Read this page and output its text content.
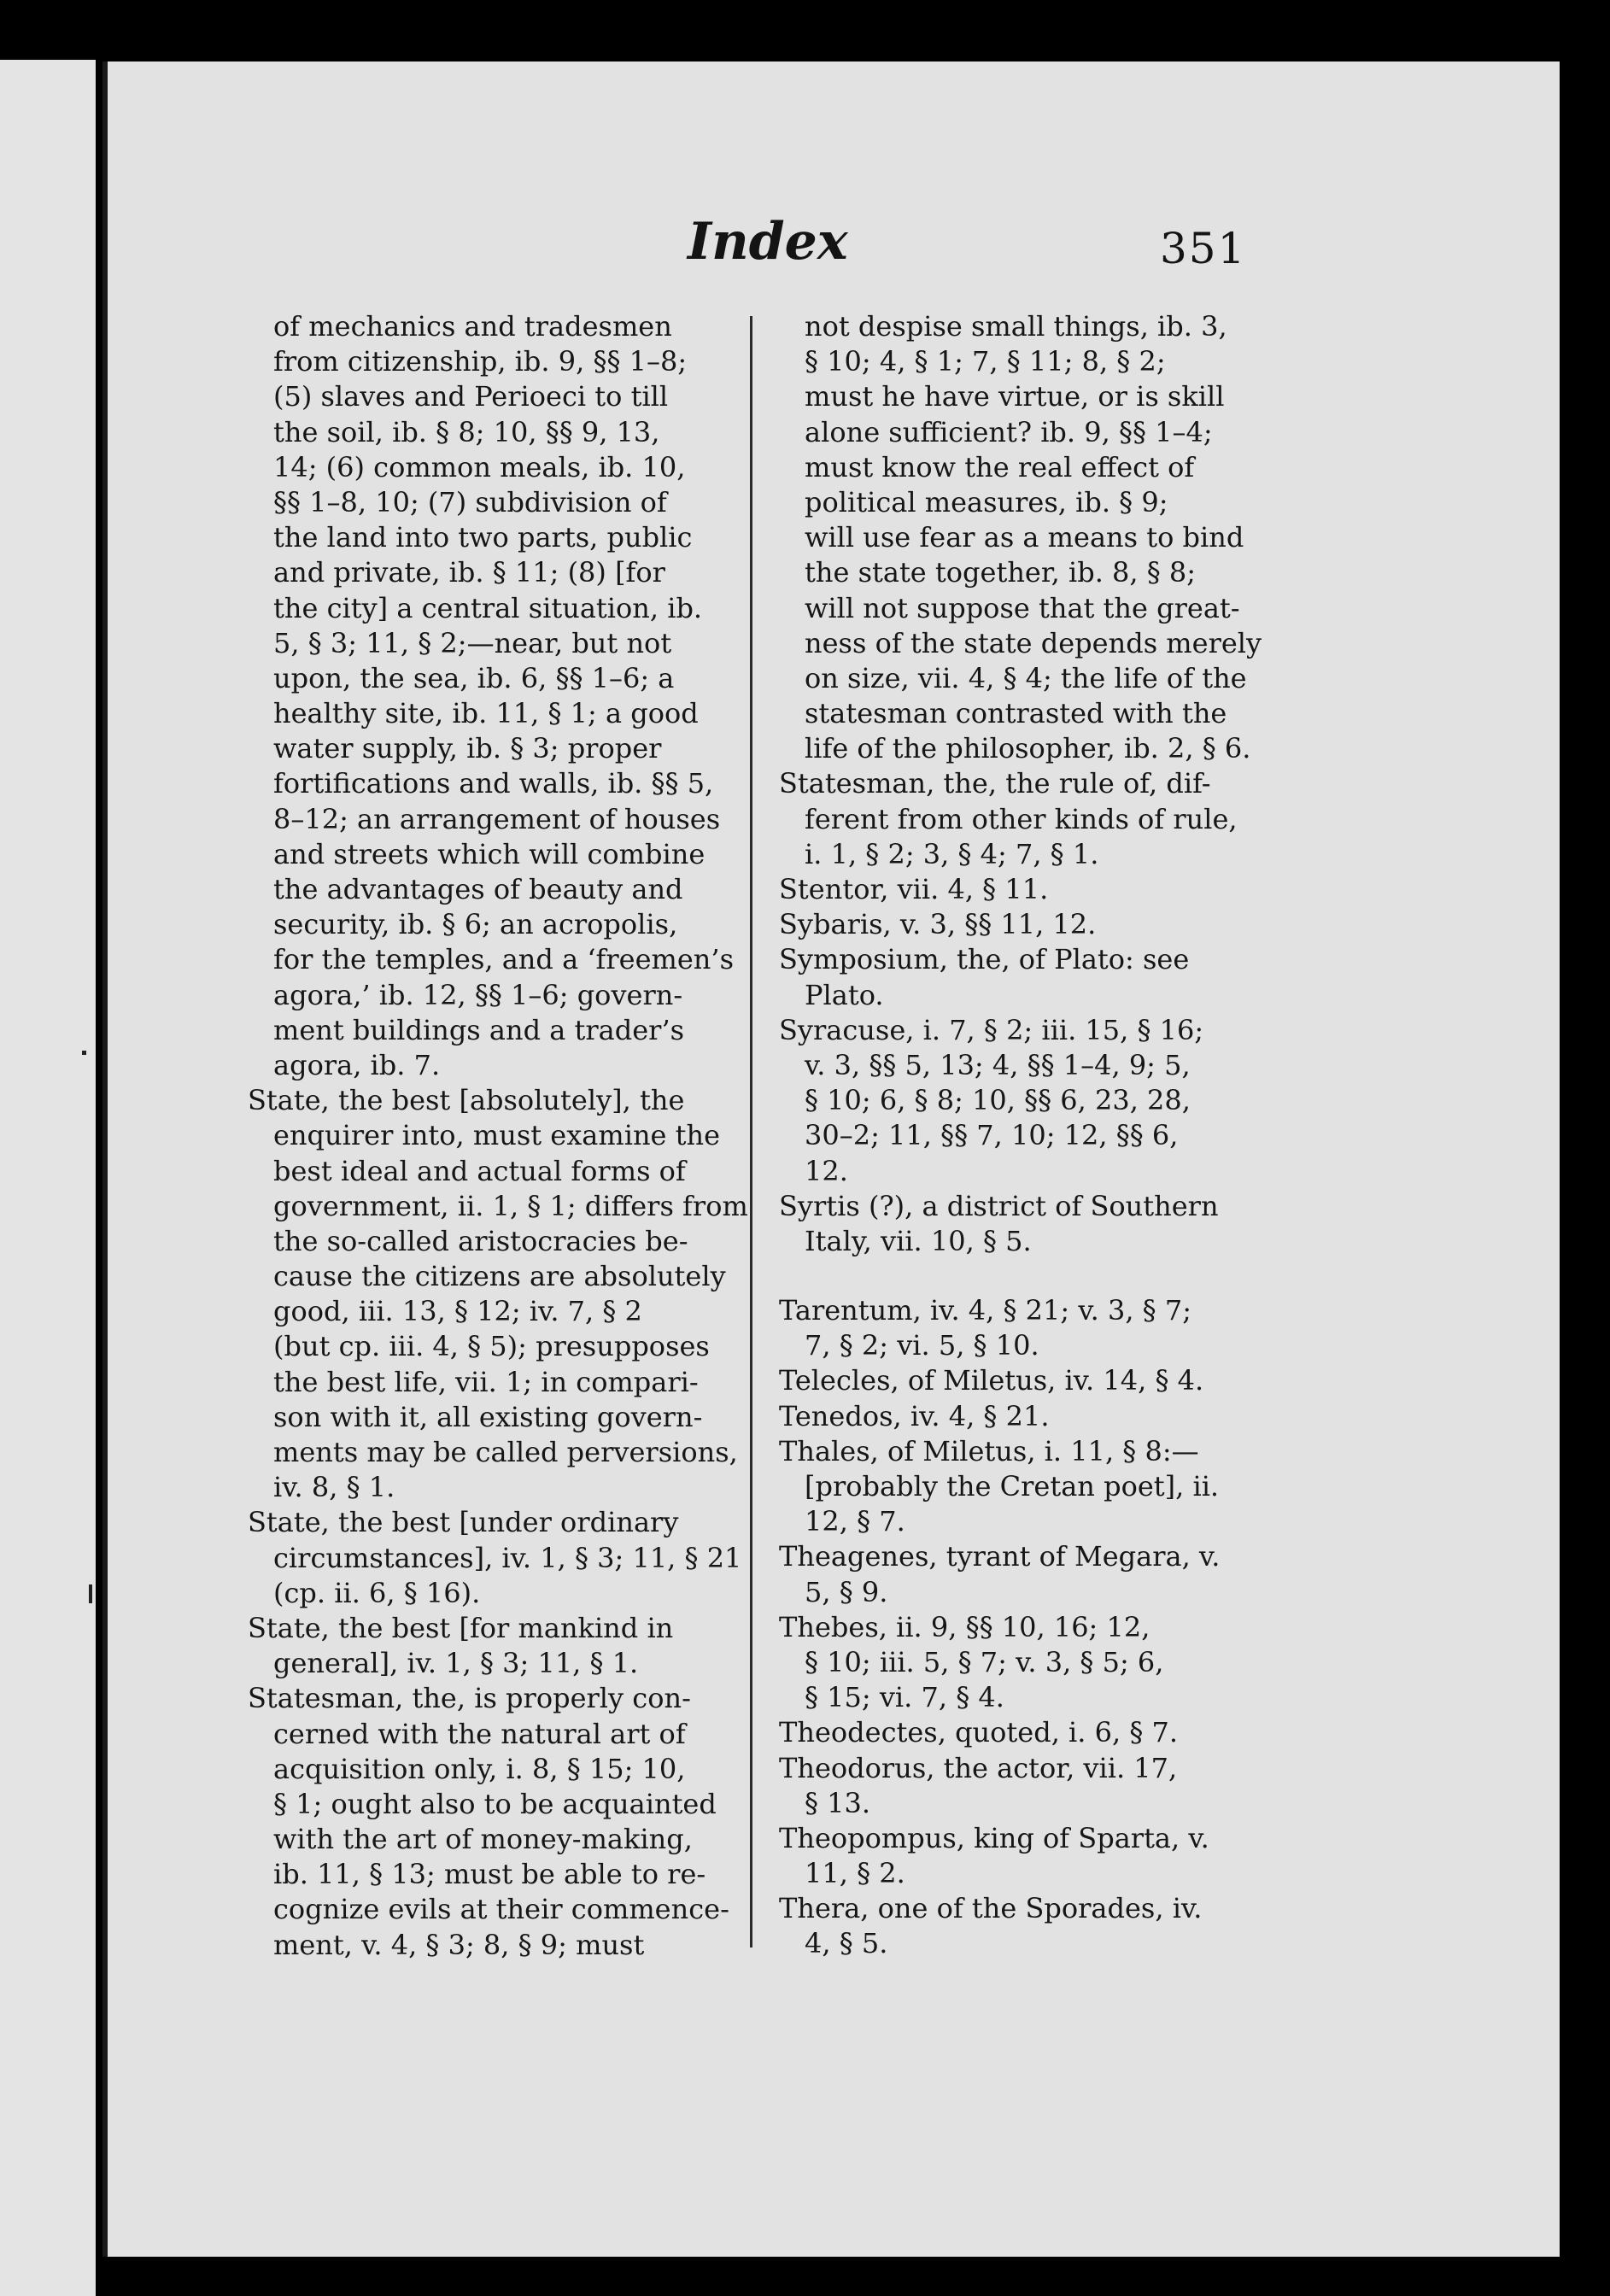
Index	351

of mechanics and tradesmen
from citizenship, ib. 9, §§ 1–8;
(5) slaves and Perioeci to till
the soil, ib. § 8; 10, §§ 9, 13,
14; (6) common meals, ib. 10,
§§ 1–8, 10; (7) subdivision of
the land into two parts, public
and private, ib. § 11; (8) [for
the city] a central situation, ib.
5, § 3; 11, § 2;—near, but not
upon, the sea, ib. 6, §§ 1–6; a
healthy site, ib. 11, § 1; a good
water supply, ib. § 3; proper
fortifications and walls, ib. §§ 5,
8–12; an arrangement of houses
and streets which will combine
the advantages of beauty and
security, ib. § 6; an acropolis,
for the temples, and a ‘freemen’s
agora,’ ib. 12, §§ 1–6; govern-
ment buildings and a trader’s
agora, ib. 7.
State, the best [absolutely], the
enquirer into, must examine the
best ideal and actual forms of
government, ii. 1, § 1; differs from
the so-called aristocracies be-
cause the citizens are absolutely
good, iii. 13, § 12; iv. 7, § 2
(but cp. iii. 4, § 5); presupposes
the best life, vii. 1; in compari-
son with it, all existing govern-
ments may be called perversions,
iv. 8, § 1.
State, the best [under ordinary
circumstances], iv. 1, § 3; 11, § 21
(cp. ii. 6, § 16).
State, the best [for mankind in
general], iv. 1, § 3; 11, § 1.
Statesman, the, is properly con-
cerned with the natural art of
acquisition only, i. 8, § 15; 10,
§ 1; ought also to be acquainted
with the art of money-making,
ib. 11, § 13; must be able to re-
cognize evils at their commence-
ment, v. 4, § 3; 8, § 9; must
not despise small things, ib. 3,
§ 10; 4, § 1; 7, § 11; 8, § 2;
must he have virtue, or is skill
alone sufficient? ib. 9, §§ 1–4;
must know the real effect of
political measures, ib. § 9;
will use fear as a means to bind
the state together, ib. 8, § 8;
will not suppose that the great-
ness of the state depends merely
on size, vii. 4, § 4; the life of the
statesman contrasted with the
life of the philosopher, ib. 2, § 6.
Statesman, the, the rule of, dif-
ferent from other kinds of rule,
i. 1, § 2; 3, § 4; 7, § 1.
Stentor, vii. 4, § 11.
Sybaris, v. 3, §§ 11, 12.
Symposium, the, of Plato: see
Plato.
Syracuse, i. 7, § 2; iii. 15, § 16;
v. 3, §§ 5, 13; 4, §§ 1–4, 9; 5,
§ 10; 6, § 8; 10, §§ 6, 23, 28,
30–2; 11, §§ 7, 10; 12, §§ 6,
12.
Syrtis (?), a district of Southern
Italy, vii. 10, § 5.
Tarentum, iv. 4, § 21; v. 3, § 7;
7, § 2; vi. 5, § 10.
Telecles, of Miletus, iv. 14, § 4.
Tenedos, iv. 4, § 21.
Thales, of Miletus, i. 11, § 8:—
[probably the Cretan poet], ii.
12, § 7.
Theagenes, tyrant of Megara, v.
5, § 9.
Thebes, ii. 9, §§ 10, 16; 12,
§ 10; iii. 5, § 7; v. 3, § 5; 6,
§ 15; vi. 7, § 4.
Theodectes, quoted, i. 6, § 7.
Theodorus, the actor, vii. 17,
§ 13.
Theopompus, king of Sparta, v.
11, § 2.
Thera, one of the Sporades, iv.
4, § 5.
